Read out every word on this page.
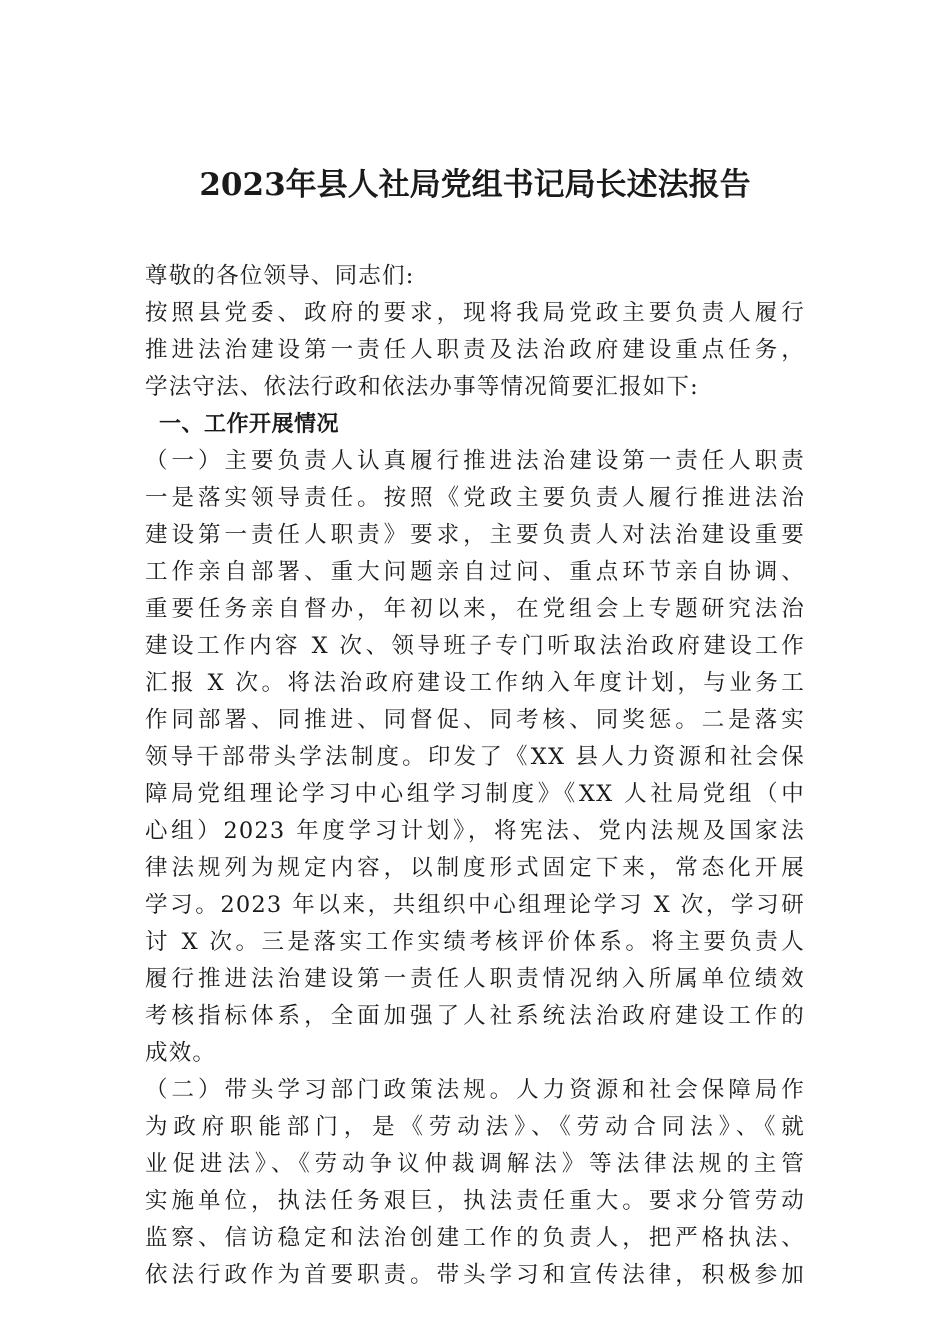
2023年县人社局党组书记局长述法报告
尊敬的各位领导、同志们:
按照县党委、政府的要求，现将我局党政主要负责人履行
推进法治建设第一责任人职责及法治政府建设重点任务，
学法守法、依法行政和依法办事等情况简要汇报如下:
一、工作开展情况
（一）主要负责人认真履行推进法治建设第一责任人职责
一是落实领导责任。按照《党政主要负责人履行推进法治
建设第一责任人职责》要求，主要负责人对法治建设重要
工作亲自部署、重大问题亲自过问、重点环节亲自协调、
重要任务亲自督办，年初以来，在党组会上专题研究法治
建设工作内容 X 次、领导班子专门听取法治政府建设工作
汇报 X 次。将法治政府建设工作纳入年度计划，与业务工
作同部署、同推进、同督促、同考核、同奖惩。二是落实
领导干部带头学法制度。印发了《XX 县人力资源和社会保
障局党组理论学习中心组学习制度》《XX 人社局党组（中
心组）2023 年度学习计划》，将宪法、党内法规及国家法
律法规列为规定内容，以制度形式固定下来，常态化开展
学习。2023 年以来，共组织中心组理论学习 X 次，学习研
讨 X 次。三是落实工作实绩考核评价体系。将主要负责人
履行推进法治建设第一责任人职责情况纳入所属单位绩效
考核指标体系，全面加强了人社系统法治政府建设工作的
成效。
（二）带头学习部门政策法规。人力资源和社会保障局作
为政府职能部门，是《劳动法》、《劳动合同法》、《就
业促进法》、《劳动争议仲裁调解法》等法律法规的主管
实施单位，执法任务艰巨，执法责任重大。要求分管劳动
监察、信访稳定和法治创建工作的负责人，把严格执法、
依法行政作为首要职责。带头学习和宣传法律，积极参加
